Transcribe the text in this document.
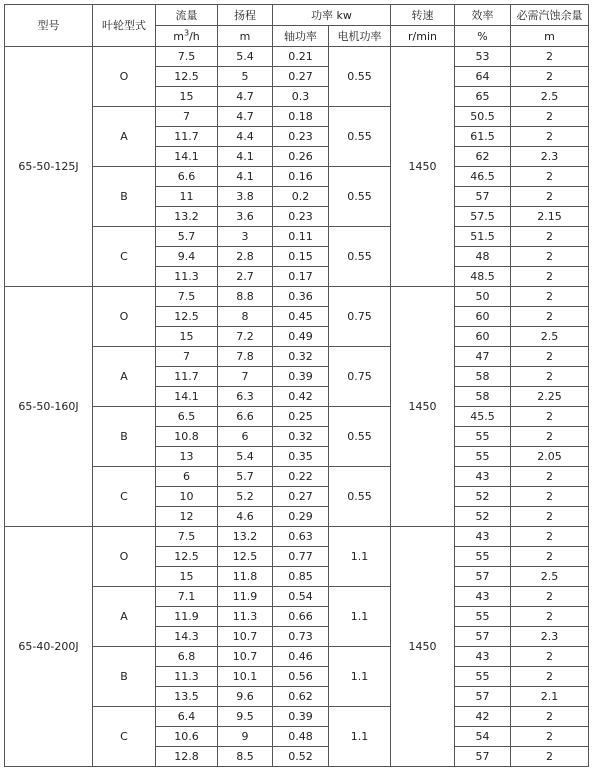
型号	叶轮型式	流量	扬程	功率 kw		转速	效率	必需汽蚀余量
		$m^3/h$	m	轴功率	电机功率	r/min	%	m
65-50-125J	O	7.5	5.4	0.21	0.55	1450	53	2
		12.5	5	0.27			64	2
		15	4.7	0.3			65	2.5
	A	7	4.7	0.18	0.55		50.5	2
		11.7	4.4	0.23			61.5	2
		14.1	4.1	0.26			62	2.3
	B	6.6	4.1	0.16	0.55		46.5	2
		11	3.8	0.2			57	2
		13.2	3.6	0.23			57.5	2.15
	C	5.7	3	0.11	0.55		51.5	2
		9.4	2.8	0.15			48	2
		11.3	2.7	0.17			48.5	2
65-50-160J	O	7.5	8.8	0.36	0.75	1450	50	2
		12.5	8	0.45			60	2
		15	7.2	0.49			60	2.5
	A	7	7.8	0.32	0.75		47	2
		11.7	7	0.39			58	2
		14.1	6.3	0.42			58	2.25
	B	6.5	6.6	0.25	0.55		45.5	2
		10.8	6	0.32			55	2
		13	5.4	0.35			55	2.05
	C	6	5.7	0.22	0.55		43	2
		10	5.2	0.27			52	2
		12	4.6	0.29			52	2
65-40-200J	O	7.5	13.2	0.63	1.1	1450	43	2
		12.5	12.5	0.77			55	2
		15	11.8	0.85			57	2.5
	A	7.1	11.9	0.54	1.1		43	2
		11.9	11.3	0.66			55	2
		14.3	10.7	0.73			57	2.3
	B	6.8	10.7	0.46	1.1		43	2
		11.3	10.1	0.56			55	2
		13.5	9.6	0.62			57	2.1
	C	6.4	9.5	0.39	1.1		42	2
		10.6	9	0.48			54	2
		12.8	8.5	0.52			57	2
